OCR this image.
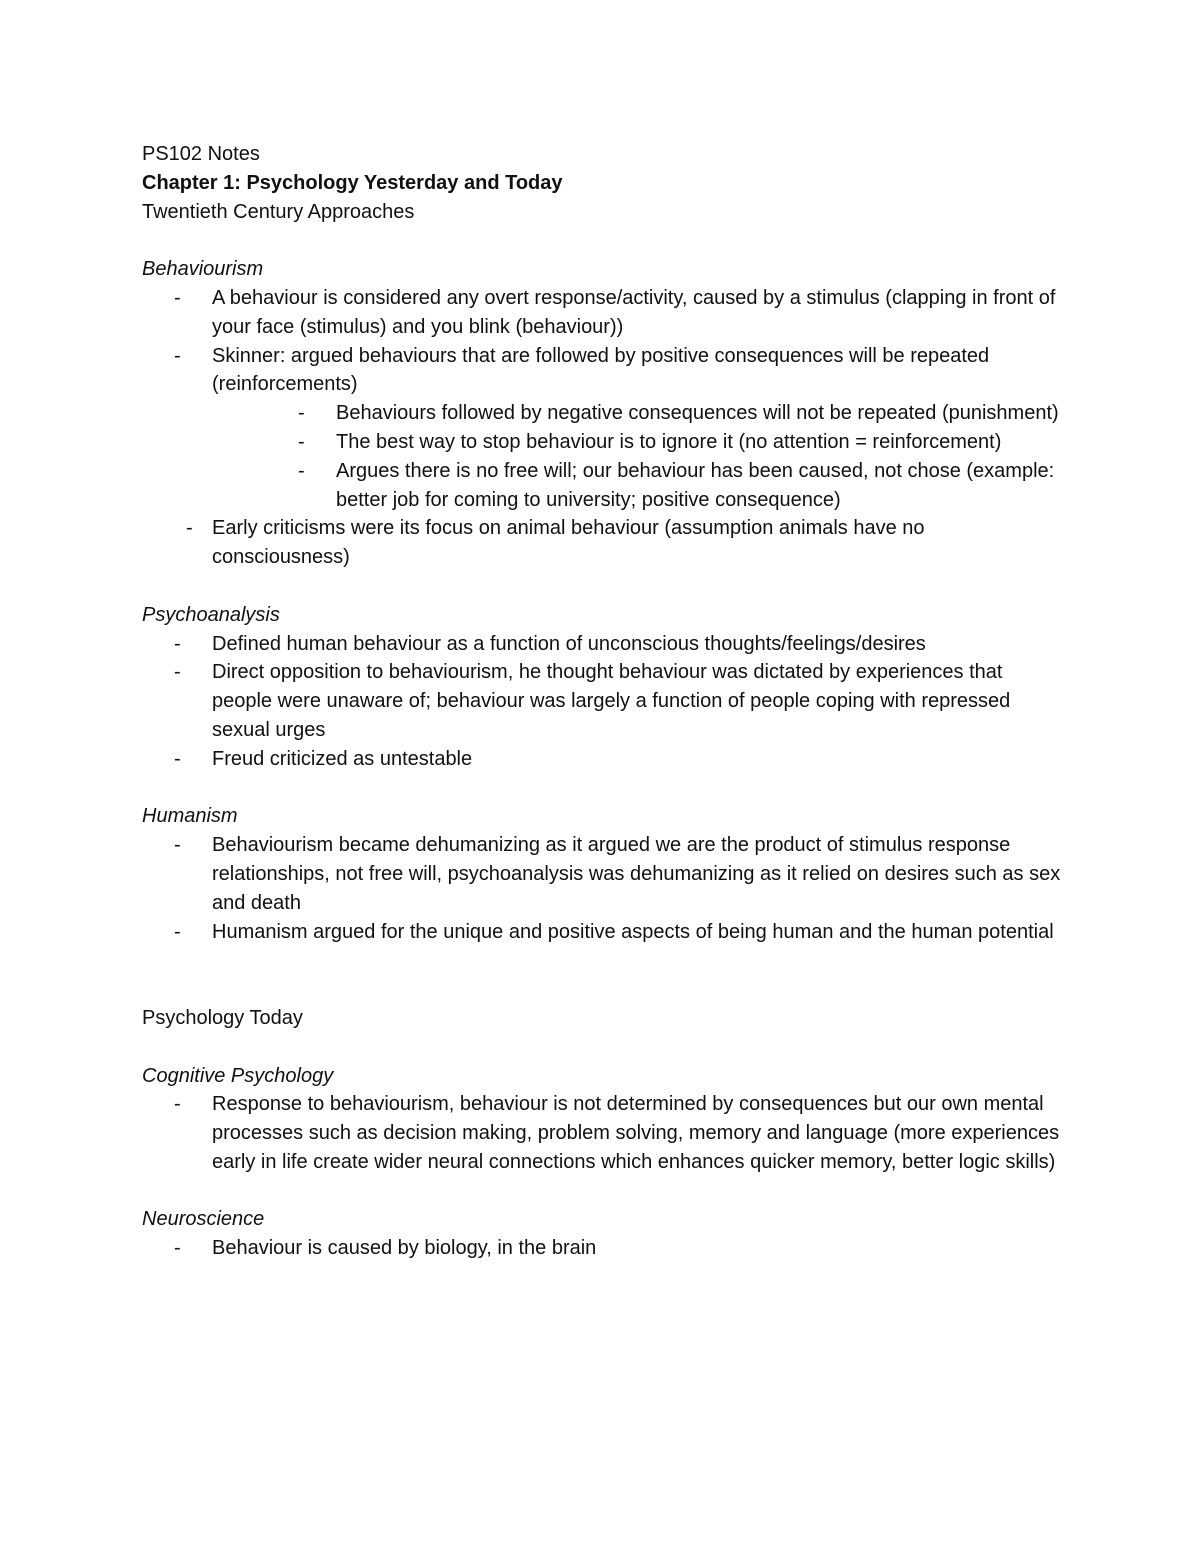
PS102 Notes

Chapter 1: Psychology Yesterday and Today

Twentieth Century Approaches

Behaviourism

- A behaviour is considered any overt response/activity, caused by a stimulus (clapping in front of your face (stimulus) and you blink (behaviour))
- Skinner: argued behaviours that are followed by positive consequences will be repeated (reinforcements)
- Behaviours followed by negative consequences will not be repeated (punishment)
- The best way to stop behaviour is to ignore it (no attention = reinforcement)
- Argues there is no free will; our behaviour has been caused, not chose (example: better job for coming to university; positive consequence)
- Early criticisms were its focus on animal behaviour (assumption animals have no consciousness)

Psychoanalysis

- Defined human behaviour as a function of unconscious thoughts/feelings/desires
- Direct opposition to behaviourism, he thought behaviour was dictated by experiences that people were unaware of; behaviour was largely a function of people coping with repressed sexual urges
- Freud criticized as untestable

Humanism

- Behaviourism became dehumanizing as it argued we are the product of stimulus response relationships, not free will, psychoanalysis was dehumanizing as it relied on desires such as sex and death
- Humanism argued for the unique and positive aspects of being human and the human potential

Psychology Today

Cognitive Psychology

- Response to behaviourism, behaviour is not determined by consequences but our own mental processes such as decision making, problem solving, memory and language (more experiences early in life create wider neural connections which enhances quicker memory, better logic skills)

Neuroscience

- Behaviour is caused by biology, in the brain
